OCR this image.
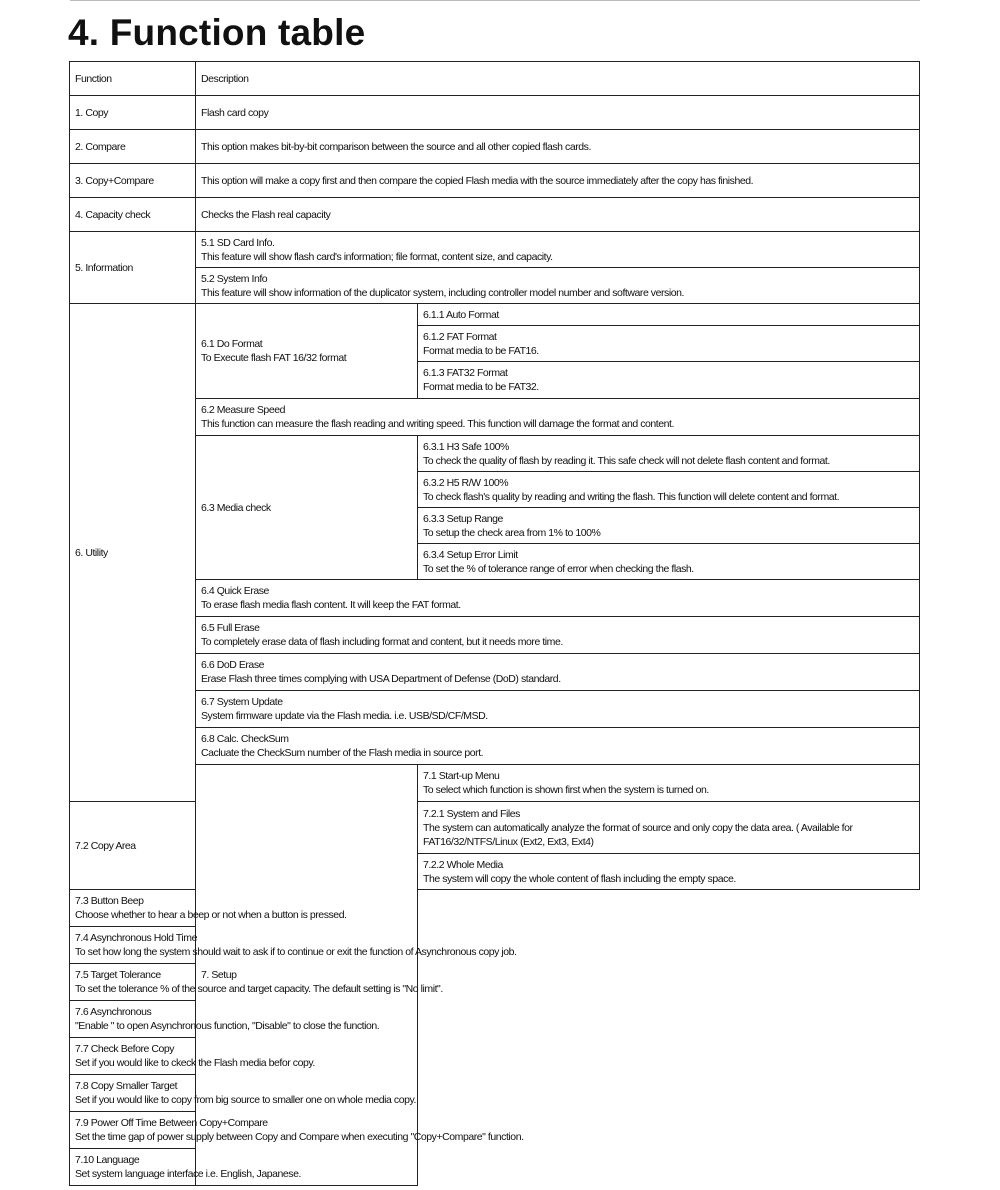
4. Function table
Function	Description	
1. Copy	Flash card copy	
2. Compare	This option makes bit-by-bit comparison between the source and all other copied flash cards.	
3. Copy+Compare	This option will make a copy first and then compare the copied Flash media with the source immediately after the copy has finished.	
4. Capacity check	Checks the Flash real capacity	
5. Information	5.1 SD Card Info.
This feature will show flash card's information; file format, content size, and capacity.	

	5.2 System Info
This feature will show information of the duplicator system, including controller model number and software version.	

6. Utility	6.1 Do Format
To Execute flash FAT 16/32 format	6.1.1 Auto Format

		6.1.2 FAT Format
Format media to be FAT16.

		6.1.3 FAT32 Format
Format media to be FAT32.

	6.2 Measure Speed
This function can measure the flash reading and writing speed. This function will damage the format and content.	

	6.3 Media check	6.3.1 H3 Safe 100%
To check the quality of flash by reading it. This safe check will not delete flash content and format.

		6.3.2 H5 R/W 100%
To check flash's quality by reading and writing the flash. This function will delete content and format.

		6.3.3 Setup Range
To setup the check area from 1% to 100%

		6.3.4 Setup Error Limit
To set the % of tolerance range of error when checking the flash.

	6.4 Quick Erase
To erase flash media flash content. It will keep the FAT format.	

	6.5 Full Erase
To completely erase data of flash including format and content, but it needs more time.	

	6.6 DoD Erase
Erase Flash three times complying with USA Department of Defense (DoD) standard.	

	6.7 System Update
System firmware update via the Flash media. i.e. USB/SD/CF/MSD.	

	6.8 Calc. CheckSum
Cacluate the CheckSum number of the Flash media in source port.	

	7. Setup	7.1 Start-up Menu
To select which function is shown first when the system is turned on.

7.2 Copy Area		7.2.1 System and Files
The system can automatically analyze the format of source and only copy the data area. ( Available for FAT16/32/NTFS/Linux (Ext2, Ext3, Ext4)

		7.2.2 Whole Media
The system will copy the whole content of flash including the empty space.

7.3 Button Beep
Choose whether to hear a beep or not when a button is pressed.		

7.4 Asynchronous Hold Time
To set how long the system should wait to ask if to continue or exit the function of Asynchronous copy job.		

7.5 Target Tolerance
To set the tolerance % of the source and target capacity. The default setting is "No limit".		

7.6 Asynchronous
"Enable " to open Asynchronous function, "Disable" to close the function.		

7.7 Check Before Copy
Set if you would like to ckeck the Flash media befor copy.		

7.8 Copy Smaller Target
Set if you would like to copy from big source to smaller one on whole media copy.		

7.9 Power Off Time Between Copy+Compare
Set the time gap of power supply between Copy and Compare when executing "Copy+Compare" function.		

7.10 Language
Set system language interface i.e. English, Japanese.		
